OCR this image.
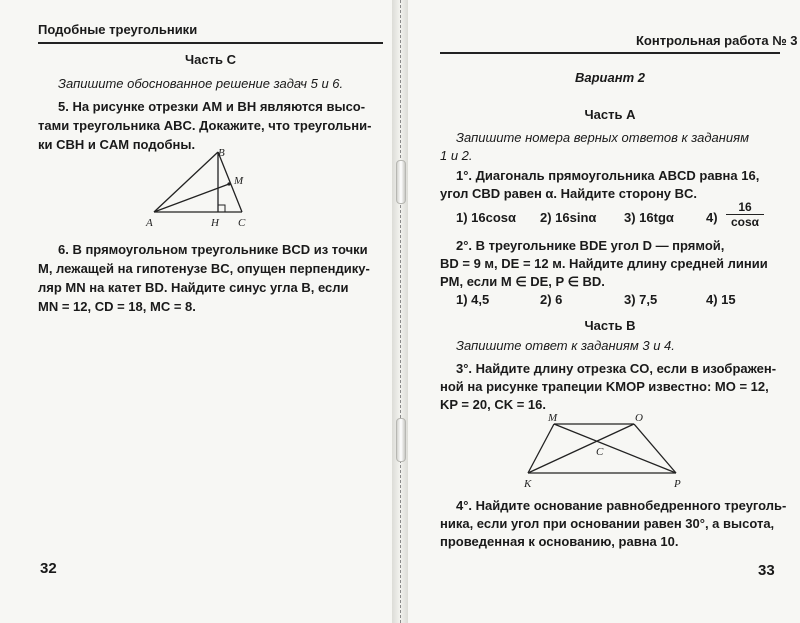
Подобные треугольники
Часть С
Запишите обоснованное решение задач 5 и 6.
5. На рисунке отрезки AM и BH являются высо-
тами треугольника ABC. Докажите, что треугольни-
ки CBH и CAM подобны.
A
B
C
H
M
6. В прямоугольном треугольнике BCD из точки
M, лежащей на гипотенузе BC, опущен перпендику-
ляр MN на катет BD. Найдите синус угла B, если
MN = 12, CD = 18, MC = 8.
32
Контрольная работа № 3
Вариант 2
Часть А
Запишите номера верных ответов к заданиям
1 и 2.
1°. Диагональ прямоугольника ABCD равна 16,
угол CBD равен α. Найдите сторону BC.
1) 16cosα 2) 16sinα 3) 16tgα $4) \frac{16}{\cos\alpha}$
2°. В треугольнике BDE угол D — прямой,
BD = 9 м, DE = 12 м. Найдите длину средней линии
PM, если M ∈ DE, P ∈ BD.
1) 4,5	2) 6	3) 7,5	4) 15
Часть В
Запишите ответ к заданиям 3 и 4.
3°. Найдите длину отрезка CO, если в изображен-
ной на рисунке трапеции KMOP известно: MO = 12,
KP = 20, CK = 16.
M	O
C
K	P
4°. Найдите основание равнобедренного треуголь-
ника, если угол при основании равен 30°, а высота,
проведенная к основанию, равна 10.
33
